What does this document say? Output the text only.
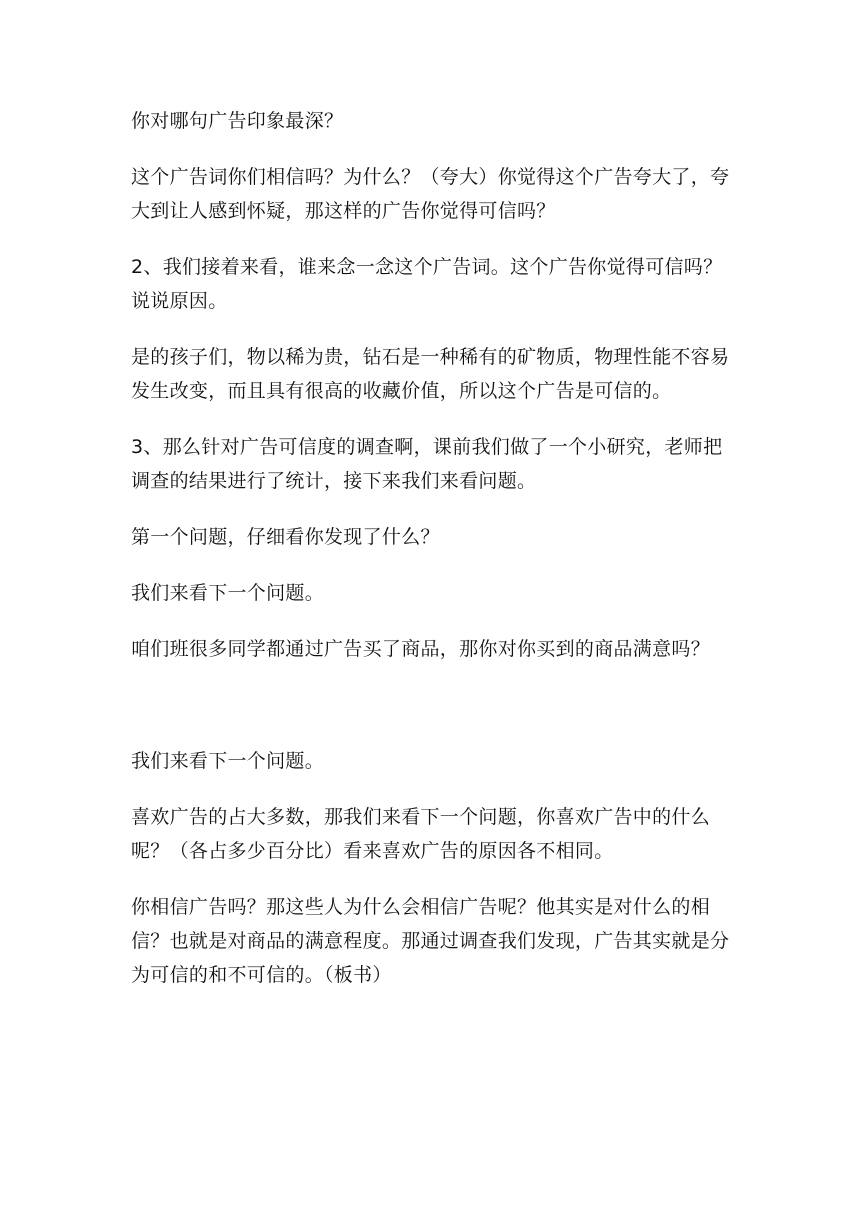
你对哪句广告印象最深？

这个广告词你们相信吗？为什么？（夸大）你觉得这个广告夸大了，夸大到让人感到怀疑，那这样的广告你觉得可信吗？

2、我们接着来看，谁来念一念这个广告词。这个广告你觉得可信吗？说说原因。

是的孩子们，物以稀为贵，钻石是一种稀有的矿物质，物理性能不容易发生改变，而且具有很高的收藏价值，所以这个广告是可信的。

3、那么针对广告可信度的调查啊，课前我们做了一个小研究，老师把调查的结果进行了统计，接下来我们来看问题。

第一个问题，仔细看你发现了什么？

我们来看下一个问题。

咱们班很多同学都通过广告买了商品，那你对你买到的商品满意吗？

我们来看下一个问题。

喜欢广告的占大多数，那我们来看下一个问题，你喜欢广告中的什么呢？（各占多少百分比）看来喜欢广告的原因各不相同。

你相信广告吗？那这些人为什么会相信广告呢？他其实是对什么的相信？也就是对商品的满意程度。那通过调查我们发现，广告其实就是分为可信的和不可信的。（板书）
